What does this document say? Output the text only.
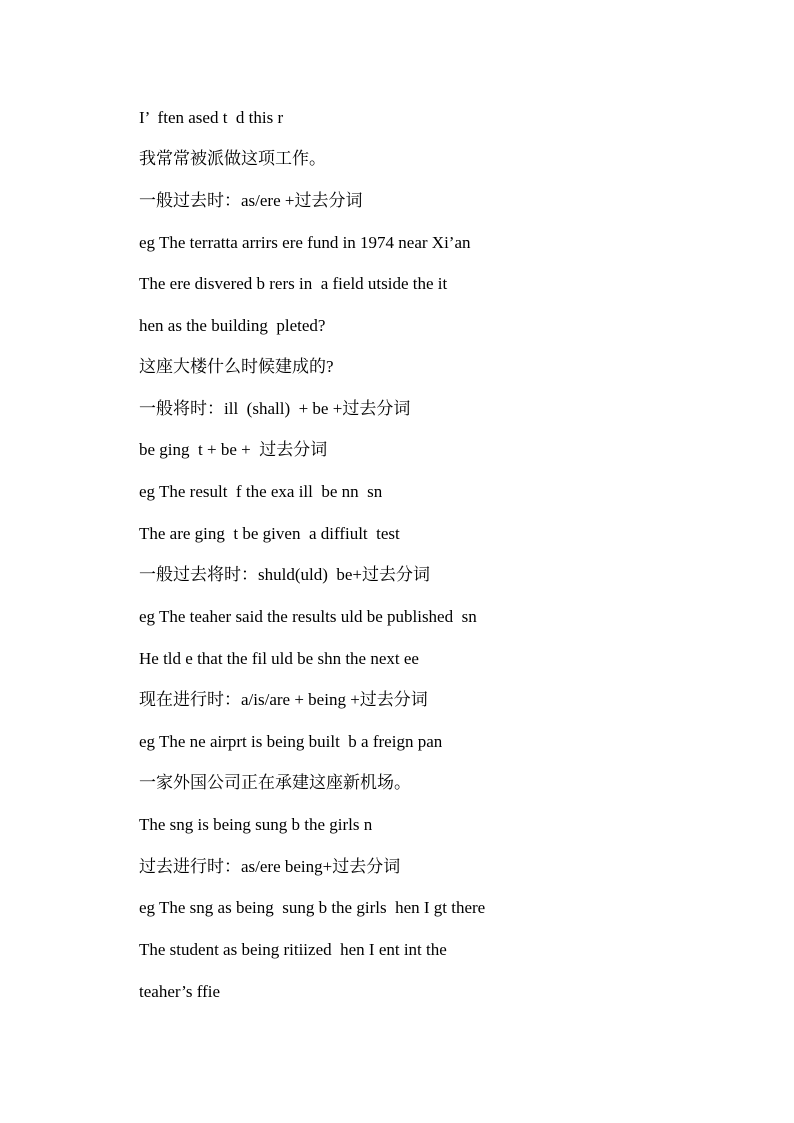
I’  ften ased t  d this r
我常常被派做这项工作。
一般过去时：as/ere +过去分词
eg The terratta arrirs ere fund in 1974 near Xi’an
The ere disvered b rers in  a field utside the it
hen as the building  pleted?
这座大楼什么时候建成的?
一般将时：ill  (shall)  + be +过去分词
be ging  t + be +  过去分词
eg The result  f the exa ill  be nn  sn
The are ging  t be given  a diffiult  test
一般过去将时：shuld(uld)  be+过去分词
eg The teaher said the results uld be published  sn
He tld e that the fil uld be shn the next ee
现在进行时：a/is/are + being +过去分词
eg The ne airprt is being built  b a freign pan
一家外国公司正在承建这座新机场。
The sng is being sung b the girls n
过去进行时：as/ere being+过去分词
eg The sng as being  sung b the girls  hen I gt there
The student as being ritiized  hen I ent int the
teaher’s ffie
